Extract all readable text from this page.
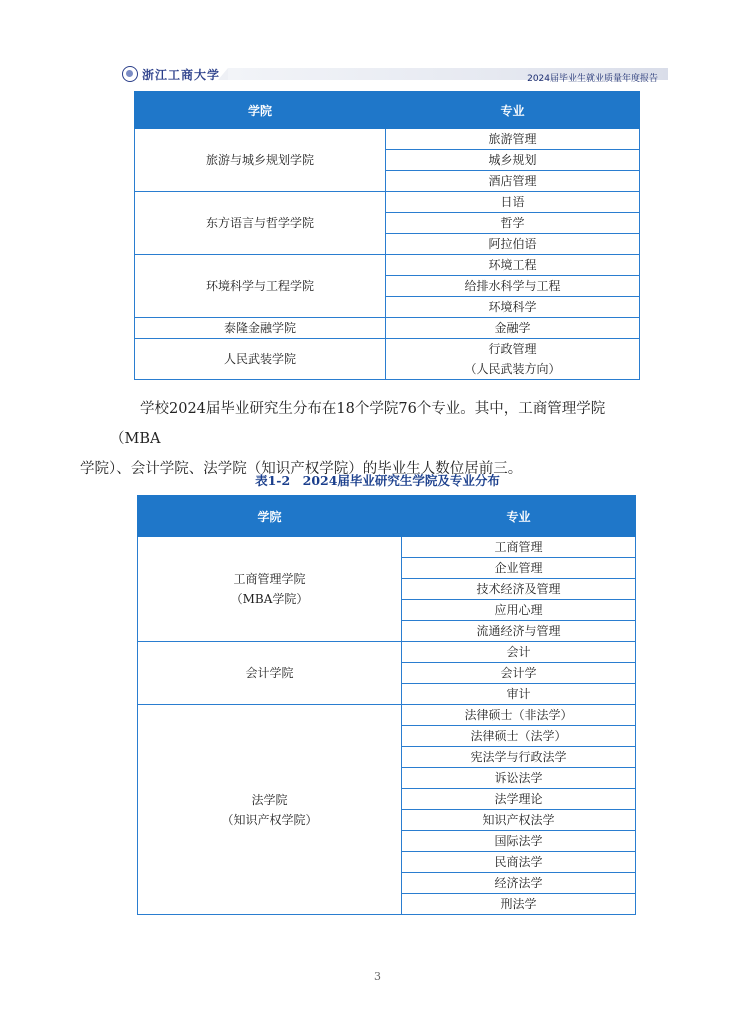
浙江工商大学	2024届毕业生就业质量年度报告
学院	专业
旅游与城乡规划学院	旅游管理
	城乡规划
	酒店管理
东方语言与哲学学院	日语
	哲学
	阿拉伯语
环境科学与工程学院	环境工程
	给排水科学与工程
	环境科学
泰隆金融学院	金融学
人民武装学院	行政管理
（人民武装方向）
学校2024届毕业研究生分布在18个学院76个专业。其中，工商管理学院（MBA
学院）、会计学院、法学院（知识产权学院）的毕业生人数位居前三。
表1-2　2024届毕业研究生学院及专业分布
学院	专业

工商管理学院
（MBA学院）	工商管理
	企业管理
	技术经济及管理
	应用心理
	流通经济与管理

会计学院	会计
	会计学
	审计

法学院
（知识产权学院）	法律硕士（非法学）
	法律硕士（法学）
	宪法学与行政法学
	诉讼法学
	法学理论
	知识产权法学
	国际法学
	民商法学
	经济法学
	刑法学
3
